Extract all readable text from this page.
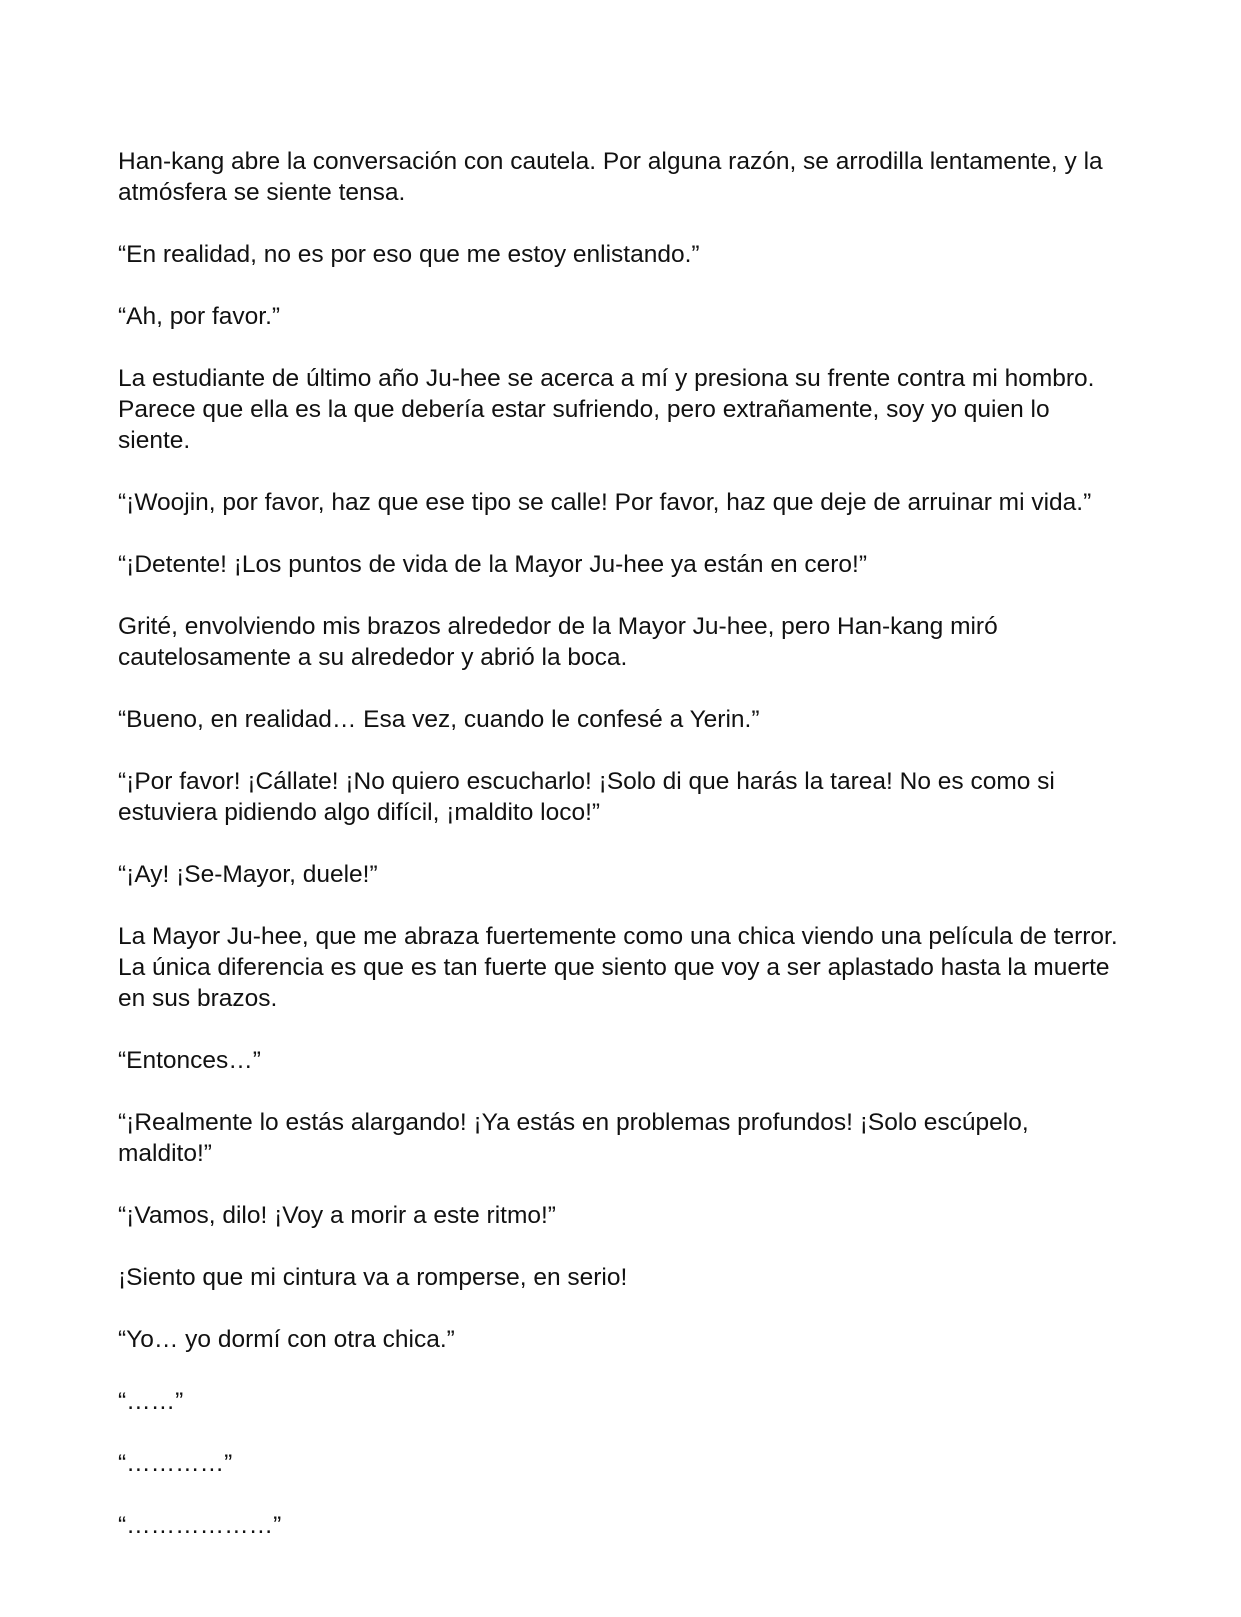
Han-kang abre la conversación con cautela. Por alguna razón, se arrodilla lentamente, y la atmósfera se siente tensa.

“En realidad, no es por eso que me estoy enlistando.”

“Ah, por favor.”

La estudiante de último año Ju-hee se acerca a mí y presiona su frente contra mi hombro. Parece que ella es la que debería estar sufriendo, pero extrañamente, soy yo quien lo siente.

“¡Woojin, por favor, haz que ese tipo se calle! Por favor, haz que deje de arruinar mi vida.”

“¡Detente! ¡Los puntos de vida de la Mayor Ju-hee ya están en cero!”

Grité, envolviendo mis brazos alrededor de la Mayor Ju-hee, pero Han-kang miró cautelosamente a su alrededor y abrió la boca.

“Bueno, en realidad… Esa vez, cuando le confesé a Yerin.”

“¡Por favor! ¡Cállate! ¡No quiero escucharlo! ¡Solo di que harás la tarea! No es como si estuviera pidiendo algo difícil, ¡maldito loco!”

“¡Ay! ¡Se-Mayor, duele!”

La Mayor Ju-hee, que me abraza fuertemente como una chica viendo una película de terror. La única diferencia es que es tan fuerte que siento que voy a ser aplastado hasta la muerte en sus brazos.

“Entonces…”

“¡Realmente lo estás alargando! ¡Ya estás en problemas profundos! ¡Solo escúpelo, maldito!”

“¡Vamos, dilo! ¡Voy a morir a este ritmo!”

¡Siento que mi cintura va a romperse, en serio!

“Yo… yo dormí con otra chica.”

“……”

“…………”

“………………”
